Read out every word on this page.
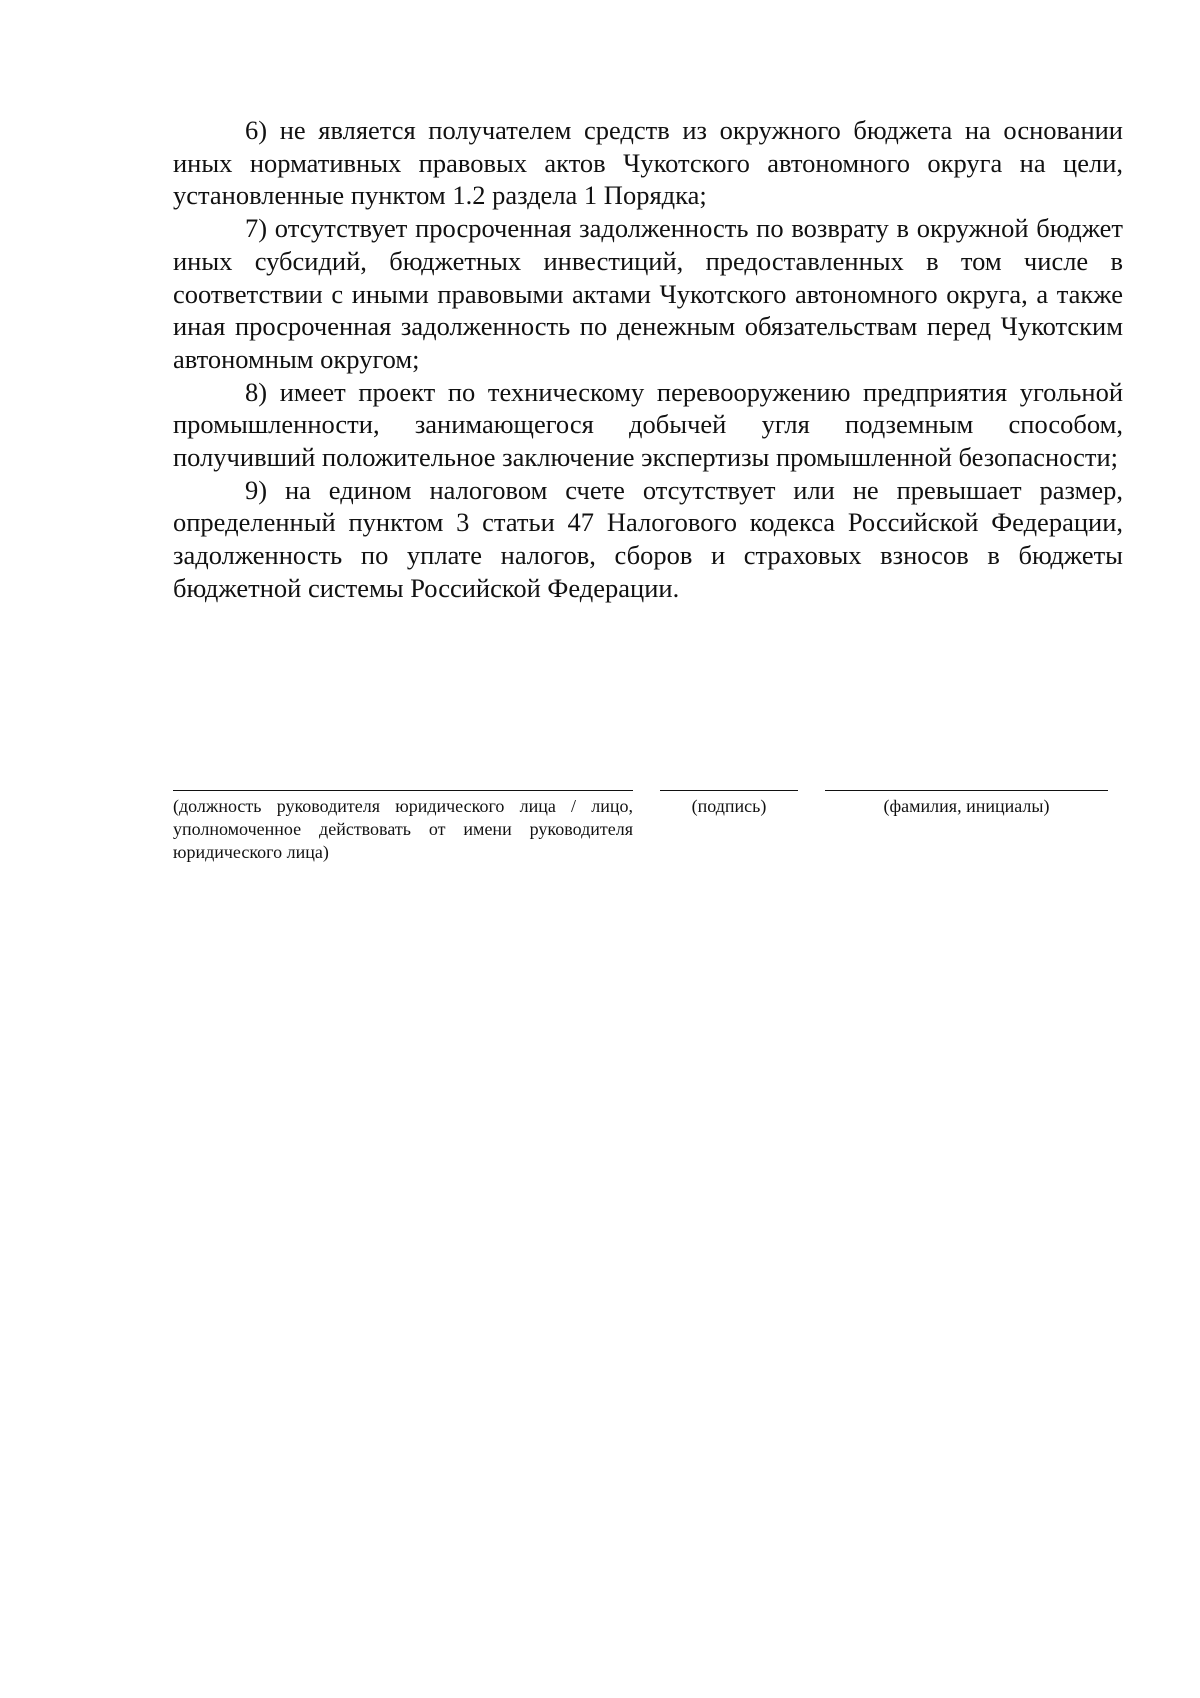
6) не является получателем средств из окружного бюджета на основании иных нормативных правовых актов Чукотского автономного округа на цели, установленные пунктом 1.2 раздела 1 Порядка;

7) отсутствует просроченная задолженность по возврату в окружной бюджет иных субсидий, бюджетных инвестиций, предоставленных в том числе в соответствии с иными правовыми актами Чукотского автономного округа, а также иная просроченная задолженность по денежным обязательствам перед Чукотским автономным округом;

8) имеет проект по техническому перевооружению предприятия угольной промышленности, занимающегося добычей угля подземным способом, получивший положительное заключение экспертизы промышленной безопасности;

9) на едином налоговом счете отсутствует или не превышает размер, определенный пунктом 3 статьи 47 Налогового кодекса Российской Федерации, задолженность по уплате налогов, сборов и страховых взносов в бюджеты бюджетной системы Российской Федерации.

(должность руководителя юридического лица / лицо, уполномоченное действовать от имени руководителя юридического лица)
(подпись)	(фамилия, инициалы)
